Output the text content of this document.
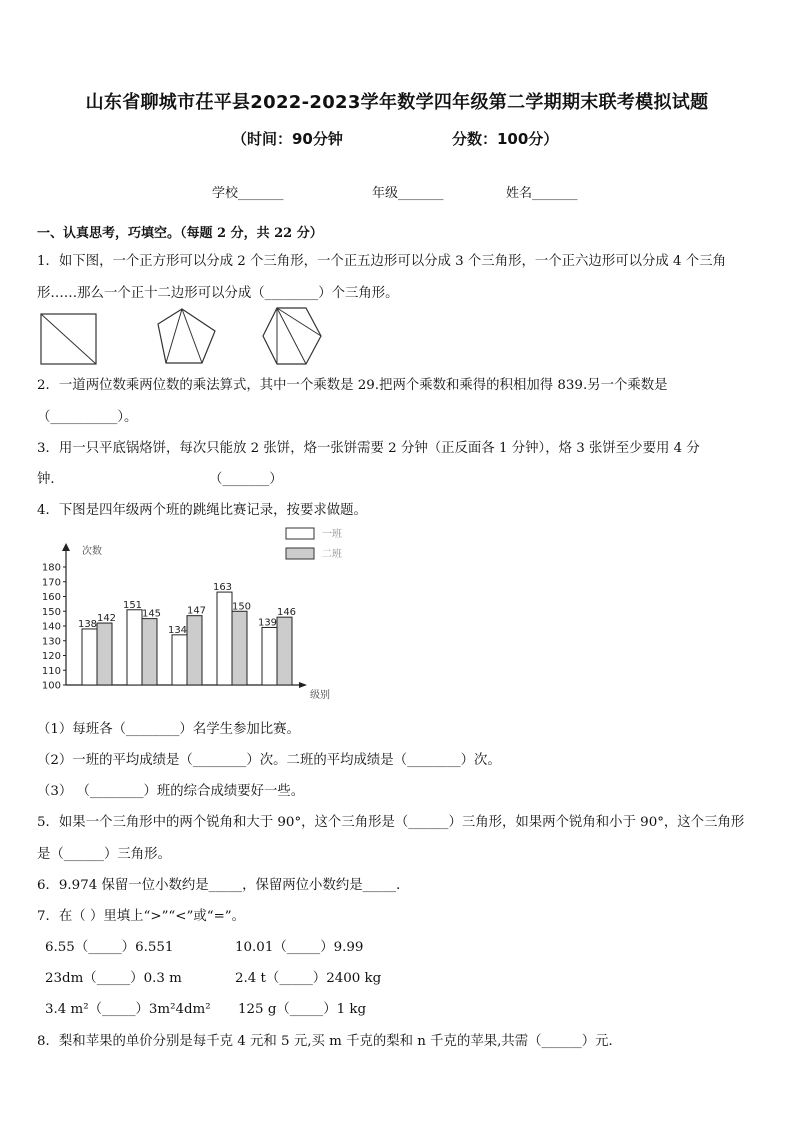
山东省聊城市茌平县2022-2023学年数学四年级第二学期期末联考模拟试题
（时间：90分钟	分数：100分）
学校_______	年级_______	姓名_______
一、认真思考，巧填空。（每题 2 分，共 22 分）
1．如下图，一个正方形可以分成 2 个三角形，一个正五边形可以分成 3 个三角形，一个正六边形可以分成 4 个三角
形……那么一个正十二边形可以分成（________）个三角形。
2．一道两位数乘两位数的乘法算式，其中一个乘数是 29.把两个乘数和乘得的积相加得 839.另一个乘数是
（__________）。
3．用一只平底锅烙饼，每次只能放 2 张饼，烙一张饼需要 2 分钟（正反面各 1 分钟），烙 3 张饼至少要用 4 分
钟．	（_______）
4．下图是四年级两个班的跳绳比赛记录，按要求做题。
一班
二班
次数
级别
100
110
120
130
140
150
160
170
180
138
142
151
145
134
147
163
150
139
146
（1）每班各（________）名学生参加比赛。
（2）一班的平均成绩是（________）次。二班的平均成绩是（________）次。
（3） （________）班的综合成绩要好一些。
5．如果一个三角形中的两个锐角和大于 90°，这个三角形是（______）三角形，如果两个锐角和小于 90°，这个三角形
是（______）三角形。
6．9.974 保留一位小数约是_____，保留两位小数约是_____．
7．在（ ）里填上“>”“<”或“=”。
6.55（_____）6.551	10.01（_____）9.99
23dm（_____）0.3 m	2.4 t（_____）2400 kg
3.4 m²（_____）3m²4dm² 125 g（_____）1 kg
8．梨和苹果的单价分别是每千克 4 元和 5 元,买 m 千克的梨和 n 千克的苹果,共需（______）元．
